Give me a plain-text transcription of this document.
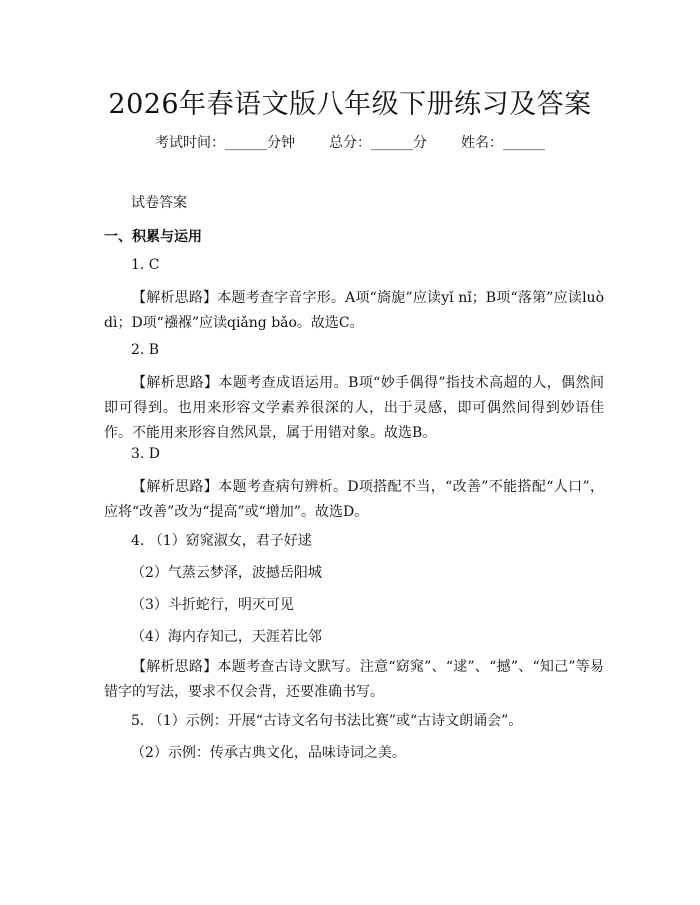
2026年春语文版八年级下册练习及答案
考试时间：______分钟 总分：______分 姓名：______
试卷答案
一、积累与运用
1. C
【解析思路】本题考查字音字形。A项“旖旎”应读yǐ nǐ；B项“落第”应读luò dì；D项“襁褓”应读qiǎng bǎo。故选C。
2. B
【解析思路】本题考查成语运用。B项“妙手偶得”指技术高超的人，偶然间即可得到。也用来形容文学素养很深的人，出于灵感，即可偶然间得到妙语佳作。不能用来形容自然风景，属于用错对象。故选B。
3. D
【解析思路】本题考查病句辨析。D项搭配不当，“改善”不能搭配“人口”，应将“改善”改为“提高”或“增加”。故选D。
4. （1）窈窕淑女，君子好逑
（2）气蒸云梦泽，波撼岳阳城
（3）斗折蛇行，明灭可见
（4）海内存知己，天涯若比邻
【解析思路】本题考查古诗文默写。注意“窈窕”、“逑”、“撼”、“知己”等易错字的写法，要求不仅会背，还要准确书写。
5. （1）示例：开展“古诗文名句书法比赛”或“古诗文朗诵会”。
（2）示例：传承古典文化，品味诗词之美。
